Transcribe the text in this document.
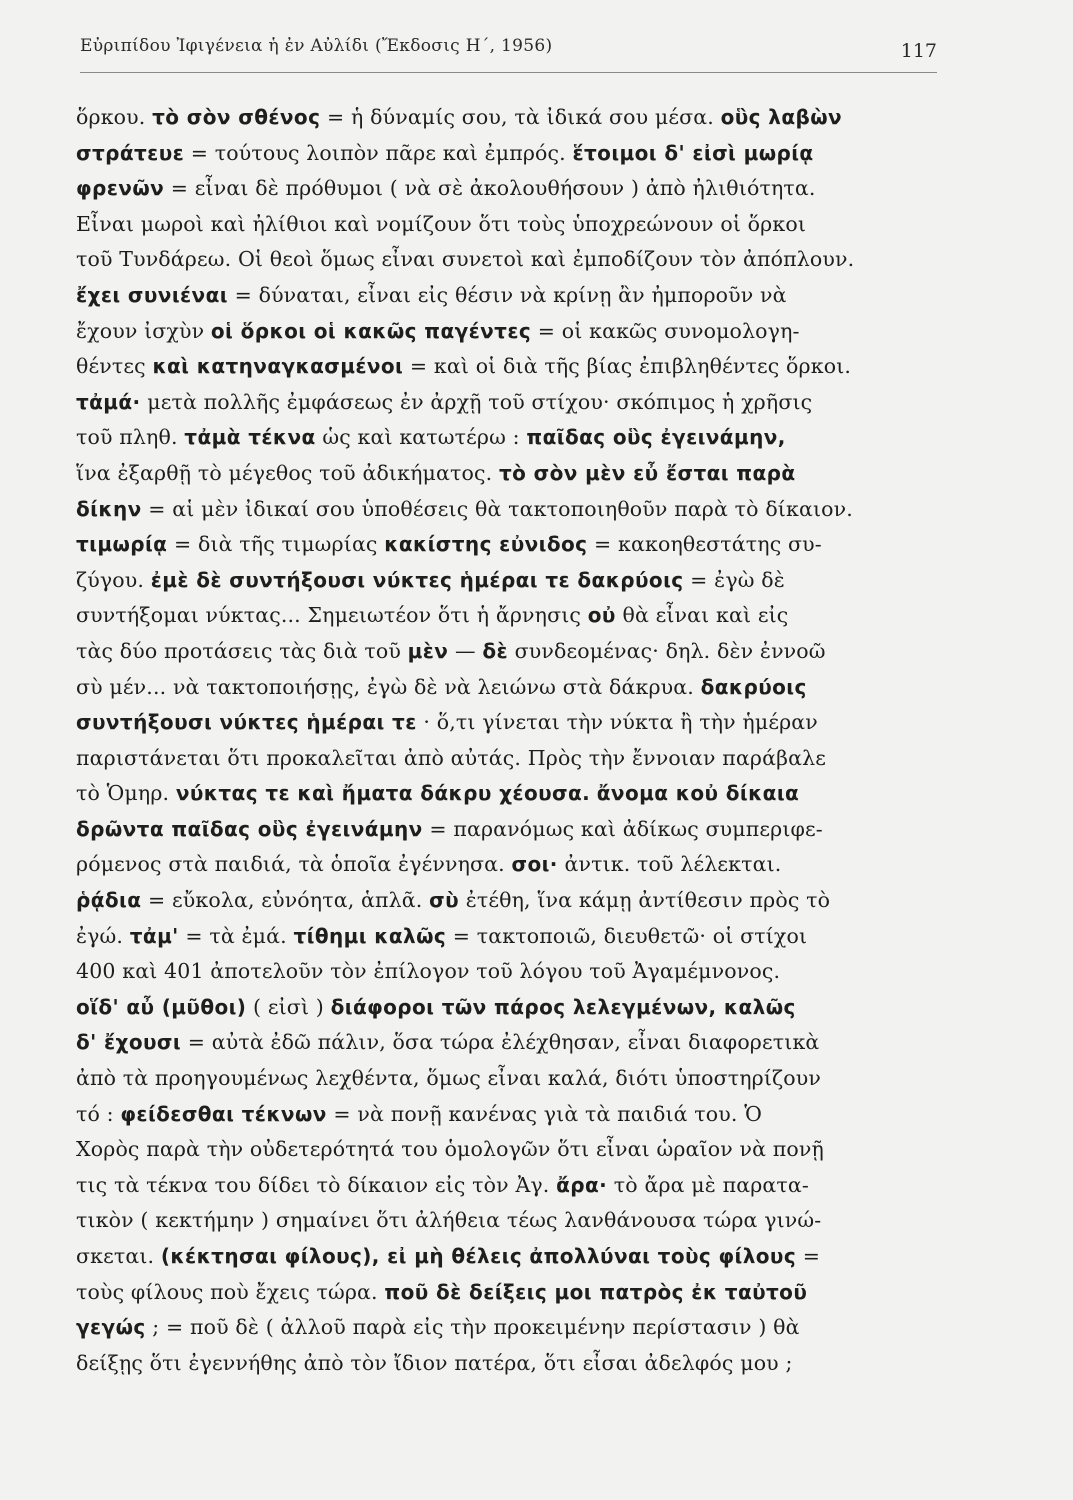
Εὐριπίδου Ἰφιγένεια ἡ ἐν Αὐλίδι (Ἔκδοσις Η΄, 1956)	117
ὅρκου. τὸ σὸν σθένος = ἡ δύναμίς σου, τὰ ἰδικά σου μέσα. οὓς λαβὼν
στράτευε = τούτους λοιπὸν πᾶρε καὶ ἐμπρός. ἕτοιμοι δ' εἰσὶ μωρίᾳ
φρενῶν = εἶναι δὲ πρόθυμοι ( νὰ σὲ ἀκολουθήσουν ) ἀπὸ ἠλιθιότητα.
Εἶναι μωροὶ καὶ ἠλίθιοι καὶ νομίζουν ὅτι τοὺς ὑποχρεώνουν οἱ ὅρκοι
τοῦ Τυνδάρεω. Οἱ θεοὶ ὅμως εἶναι συνετοὶ καὶ ἐμποδίζουν τὸν ἀπόπλουν.
ἔχει συνιέναι = δύναται, εἶναι εἰς θέσιν νὰ κρίνῃ ἂν ἠμποροῦν νὰ
ἔχουν ἰσχὺν οἱ ὅρκοι οἱ κακῶς παγέντες = οἱ κακῶς συνομολογη-
θέντες καὶ κατηναγκασμένοι = καὶ οἱ διὰ τῆς βίας ἐπιβληθέντες ὅρκοι.
τἀμά· μετὰ πολλῆς ἐμφάσεως ἐν ἀρχῇ τοῦ στίχου· σκόπιμος ἡ χρῆσις
τοῦ πληθ. τἀμὰ τέκνα ὡς καὶ κατωτέρω : παῖδας οὓς ἐγεινάμην,
ἵνα ἐξαρθῇ τὸ μέγεθος τοῦ ἀδικήματος. τὸ σὸν μὲν εὖ ἔσται παρὰ
δίκην = αἱ μὲν ἰδικαί σου ὑποθέσεις θὰ τακτοποιηθοῦν παρὰ τὸ δίκαιον.
τιμωρίᾳ = διὰ τῆς τιμωρίας κακίστης εὐνιδος = κακοηθεστάτης συ-
ζύγου. ἐμὲ δὲ συντήξουσι νύκτες ἡμέραι τε δακρύοις = ἐγὼ δὲ
συντήξομαι νύκτας... Σημειωτέον ὅτι ἡ ἄρνησις οὐ θὰ εἶναι καὶ εἰς
τὰς δύο προτάσεις τὰς διὰ τοῦ μὲν — δὲ συνδεομένας· δηλ. δὲν ἐννοῶ
σὺ μέν... νὰ τακτοποιήσῃς, ἐγὼ δὲ νὰ λειώνω στὰ δάκρυα. δακρύοις
συντήξουσι νύκτες ἡμέραι τε · ὅ,τι γίνεται τὴν νύκτα ἢ τὴν ἡμέραν
παριστάνεται ὅτι προκαλεῖται ἀπὸ αὐτάς. Πρὸς τὴν ἔννοιαν παράβαλε
τὸ Ὁμηρ. νύκτας τε καὶ ἤματα δάκρυ χέουσα. ἄνομα κοὐ δίκαια
δρῶντα παῖδας οὓς ἐγεινάμην = παρανόμως καὶ ἀδίκως συμπεριφε-
ρόμενος στὰ παιδιά, τὰ ὁποῖα ἐγέννησα. σοι· ἀντικ. τοῦ λέλεκται.
ῥᾴδια = εὔκολα, εὐνόητα, ἁπλᾶ. σὺ ἐτέθη, ἵνα κάμῃ ἀντίθεσιν πρὸς τὸ
ἐγώ. τἀμ' = τὰ ἐμά. τίθημι καλῶς = τακτοποιῶ, διευθετῶ· οἱ στίχοι
400 καὶ 401 ἀποτελοῦν τὸν ἐπίλογον τοῦ λόγου τοῦ Ἀγαμέμνονος.
οἵδ' αὖ (μῦθοι) ( εἰσὶ ) διάφοροι τῶν πάρος λελεγμένων, καλῶς
δ' ἔχουσι = αὐτὰ ἐδῶ πάλιν, ὅσα τώρα ἐλέχθησαν, εἶναι διαφορετικὰ
ἀπὸ τὰ προηγουμένως λεχθέντα, ὅμως εἶναι καλά, διότι ὑποστηρίζουν
τό : φείδεσθαι τέκνων = νὰ πονῇ κανένας γιὰ τὰ παιδιά του. Ὁ
Χορὸς παρὰ τὴν οὐδετερότητά του ὁμολογῶν ὅτι εἶναι ὡραῖον νὰ πονῇ
τις τὰ τέκνα του δίδει τὸ δίκαιον εἰς τὸν Ἀγ. ἄρα· τὸ ἄρα μὲ παρατα-
τικὸν ( κεκτήμην ) σημαίνει ὅτι ἀλήθεια τέως λανθάνουσα τώρα γινώ-
σκεται. (κέκτησαι φίλους), εἰ μὴ θέλεις ἀπολλύναι τοὺς φίλους =
τοὺς φίλους ποὺ ἔχεις τώρα. ποῦ δὲ δείξεις μοι πατρὸς ἐκ ταὐτοῦ
γεγώς ; = ποῦ δὲ ( ἀλλοῦ παρὰ εἰς τὴν προκειμένην περίστασιν ) θὰ
δείξῃς ὅτι ἐγεννήθης ἀπὸ τὸν ἴδιον πατέρα, ὅτι εἶσαι ἀδελφός μου ;
